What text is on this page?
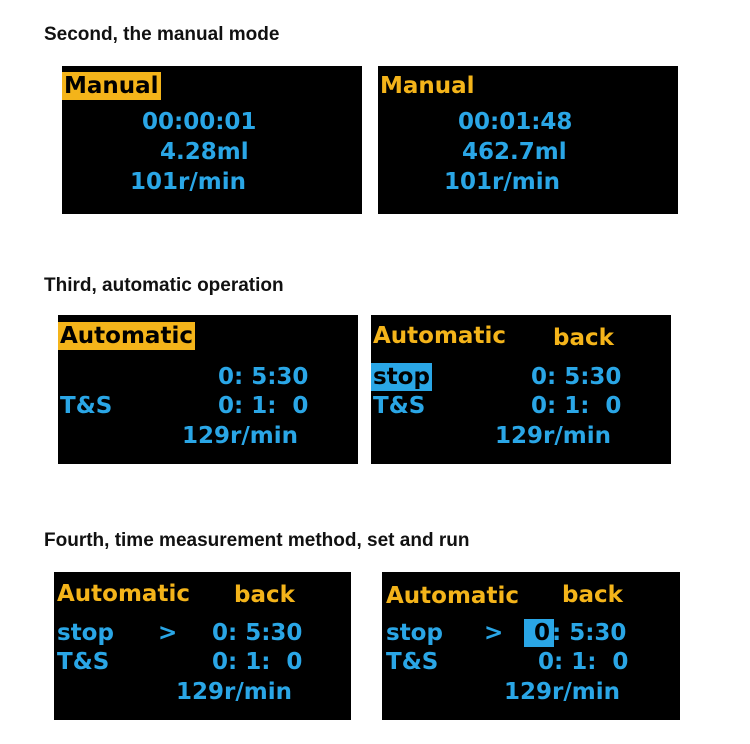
Second, the manual mode
Manual
00:00:01
4.28ml
101r/min
Manual
00:01:48
462.7ml
101r/min
Third, automatic operation
Automatic
0: 5:30
T&S	0: 1:  0
129r/min
Automatic back
stop	0: 5:30
T&S	0: 1:  0
129r/min
Fourth, time measurement method, set and run
Automatic back
stop > 0: 5:30
T&S	0: 1:  0
129r/min
Automatic back
stop >	0 : 5:30
T&S	0: 1:  0
129r/min
